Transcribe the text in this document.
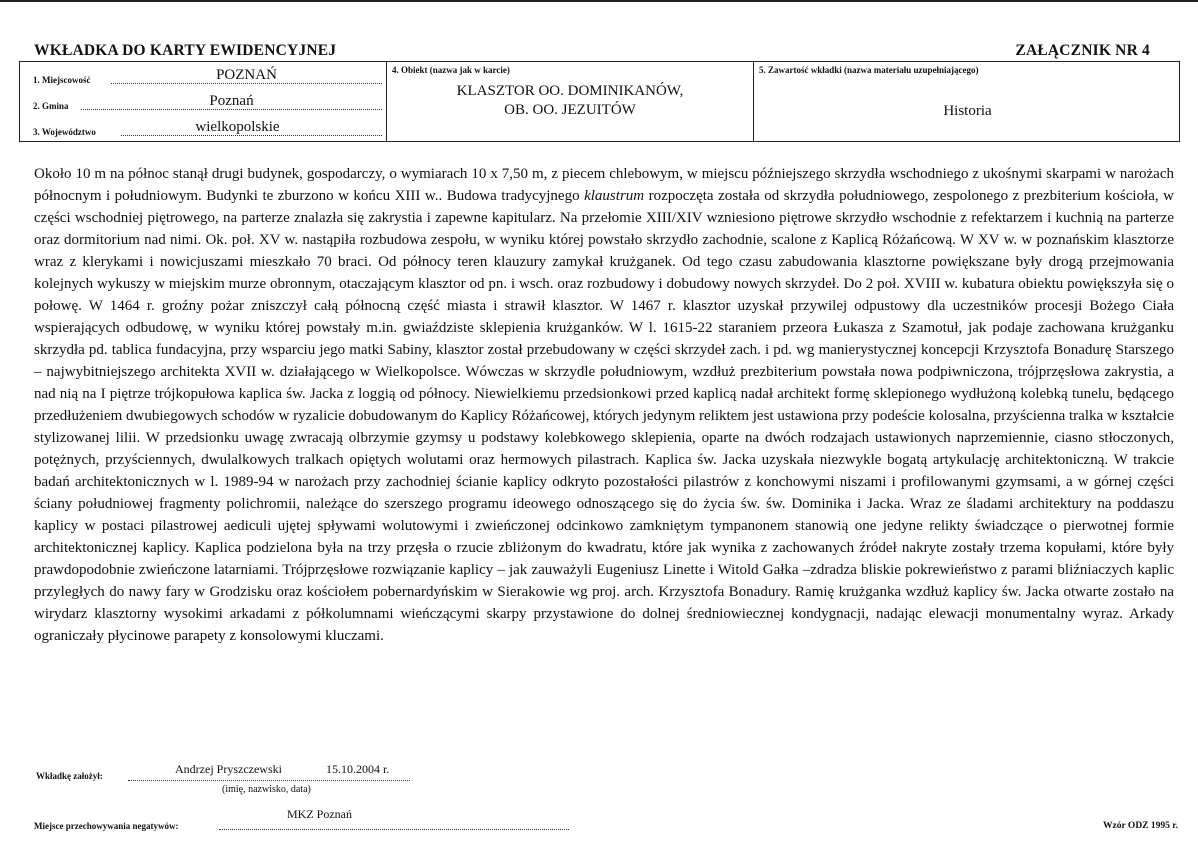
WKŁADKA DO KARTY EWIDENCYJNEJ	ZAŁĄCZNIK NR 4
1. Miejscowość	POZNAŃ
2. Gmina	Poznań
3. Województwo	wielkopolskie
4. Obiekt (nazwa jak w karcie)
KLASZTOR OO. DOMINIKANÓW,
OB. OO. JEZUITÓW
5. Zawartość wkładki (nazwa materiału uzupełniającego)
Historia
Około 10 m na północ stanął drugi budynek, gospodarczy, o wymiarach 10 x 7,50 m, z piecem chlebowym, w miejscu późniejszego skrzydła wschodniego z ukośnymi skarpami w narożach północnym i południowym. Budynki te zburzono w końcu XIII w.. Budowa tradycyjnego klaustrum rozpoczęta została od skrzydła południowego, zespolonego z prezbiterium kościoła, w części wschodniej piętrowego, na parterze znalazła się zakrystia i zapewne kapitularz. Na przełomie XIII/XIV wzniesiono piętrowe skrzydło wschodnie z refektarzem i kuchnią na parterze oraz dormitorium nad nimi. Ok. poł. XV w. nastąpiła rozbudowa zespołu, w wyniku której powstało skrzydło zachodnie, scalone z Kaplicą Różańcową. W XV w. w poznańskim klasztorze wraz z klerykami i nowicjuszami mieszkało 70 braci. Od północy teren klauzury zamykał krużganek. Od tego czasu zabudowania klasztorne powiększane były drogą przejmowania kolejnych wykuszy w miejskim murze obronnym, otaczającym klasztor od pn. i wsch. oraz rozbudowy i dobudowy nowych skrzydeł. Do 2 poł. XVIII w. kubatura obiektu powiększyła się o połowę. W 1464 r. groźny pożar zniszczył całą północną część miasta i strawił klasztor. W 1467 r. klasztor uzyskał przywilej odpustowy dla uczestników procesji Bożego Ciała wspierających odbudowę, w wyniku której powstały m.in. gwiaździste sklepienia krużganków. W l. 1615-22 staraniem przeora Łukasza z Szamotuł, jak podaje zachowana krużganku skrzydła pd. tablica fundacyjna, przy wsparciu jego matki Sabiny, klasztor został przebudowany w części skrzydeł zach. i pd. wg manierystycznej koncepcji Krzysztofa Bonadurę Starszego – najwybitniejszego architekta XVII w. działającego w Wielkopolsce. Wówczas w skrzydle południowym, wzdłuż prezbiterium powstała nowa podpiwniczona, trójprzęsłowa zakrystia, a nad nią na I piętrze trójkopułowa kaplica św. Jacka z loggią od północy. Niewielkiemu przedsionkowi przed kaplicą nadał architekt formę sklepionego wydłużoną kolebką tunelu, będącego przedłużeniem dwubiegowych schodów w ryzalicie dobudowanym do Kaplicy Różańcowej, których jedynym reliktem jest ustawiona przy podeście kolosalna, przyścienna tralka w kształcie stylizowanej lilii. W przedsionku uwagę zwracają olbrzymie gzymsy u podstawy kolebkowego sklepienia, oparte na dwóch rodzajach ustawionych naprzemiennie, ciasno stłoczonych, potężnych, przyściennych, dwulalkowych tralkach opiętych wolutami oraz hermowych pilastrach. Kaplica św. Jacka uzyskała niezwykle bogatą artykulację architektoniczną. W trakcie badań architektonicznych w l. 1989-94 w narożach przy zachodniej ścianie kaplicy odkryto pozostałości pilastrów z konchowymi niszami i profilowanymi gzymsami, a w górnej części ściany południowej fragmenty polichromii, należące do szerszego programu ideowego odnoszącego się do życia św. św. Dominika i Jacka. Wraz ze śladami architektury na poddaszu kaplicy w postaci pilastrowej aediculi ujętej spływami wolutowymi i zwieńczonej odcinkowo zamkniętym tympanonem stanowią one jedyne relikty świadczące o pierwotnej formie architektonicznej kaplicy. Kaplica podzielona była na trzy przęsła o rzucie zbliżonym do kwadratu, które jak wynika z zachowanych źródeł nakryte zostały trzema kopułami, które były prawdopodobnie zwieńczone latarniami. Trójprzęsłowe rozwiązanie kaplicy – jak zauważyli Eugeniusz Linette i Witold Gałka –zdradza bliskie pokrewieństwo z parami bliźniaczych kaplic przyległych do nawy fary w Grodzisku oraz kościołem pobernardyńskim w Sierakowie wg proj. arch. Krzysztofa Bonadury. Ramię krużganka wzdłuż kaplicy św. Jacka otwarte zostało na wirydarz klasztorny wysokimi arkadami z półkolumnami wieńczącymi skarpy przystawione do dolnej średniowiecznej kondygnacji, nadając elewacji monumentalny wyraz. Arkady ograniczały płycinowe parapety z konsolowymi kluczami.
Wkładkę założył:	Andrzej Pryszczewski	15.10.2004 r.
(imię, nazwisko, data)
Miejsce przechowywania negatywów:
MKZ Poznań
Wzór ODZ 1995 r.
